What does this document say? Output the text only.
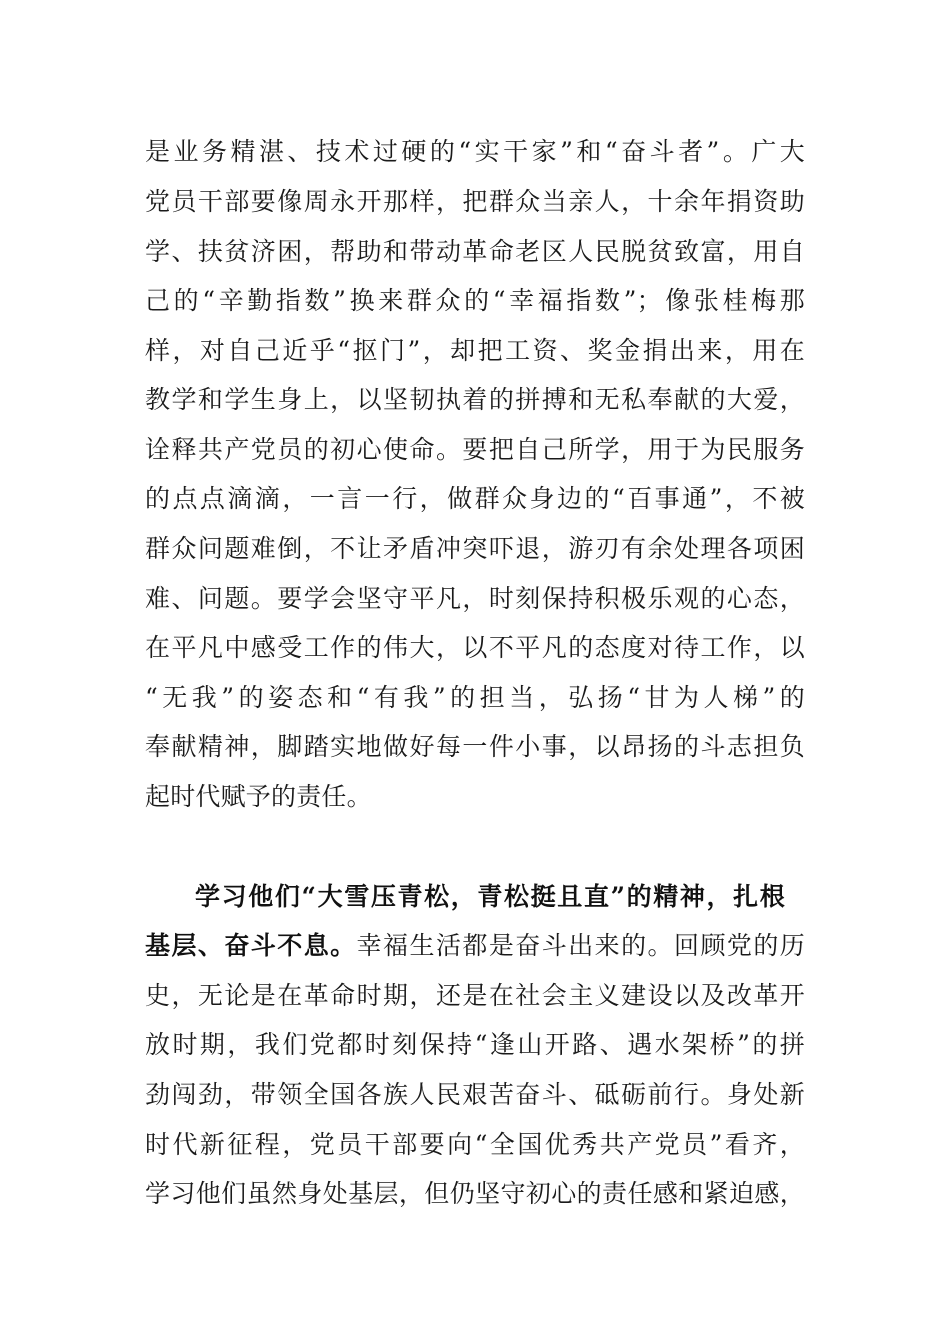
是业务精湛、技术过硬的“实干家”和“奋斗者”。广大
党员干部要像周永开那样，把群众当亲人，十余年捐资助
学、扶贫济困，帮助和带动革命老区人民脱贫致富，用自
己的“辛勤指数”换来群众的“幸福指数”；像张桂梅那
样，对自己近乎“抠门”，却把工资、奖金捐出来，用在
教学和学生身上，以坚韧执着的拼搏和无私奉献的大爱，
诠释共产党员的初心使命。要把自己所学，用于为民服务
的点点滴滴，一言一行，做群众身边的“百事通”，不被
群众问题难倒，不让矛盾冲突吓退，游刃有余处理各项困
难、问题。要学会坚守平凡，时刻保持积极乐观的心态，
在平凡中感受工作的伟大，以不平凡的态度对待工作，以
“无我”的姿态和“有我”的担当，弘扬“甘为人梯”的
奉献精神，脚踏实地做好每一件小事，以昂扬的斗志担负
起时代赋予的责任。
学习他们“大雪压青松，青松挺且直”的精神，扎根
基层、奋斗不息。幸福生活都是奋斗出来的。回顾党的历
史，无论是在革命时期，还是在社会主义建设以及改革开
放时期，我们党都时刻保持“逢山开路、遇水架桥”的拼
劲闯劲，带领全国各族人民艰苦奋斗、砥砺前行。身处新
时代新征程，党员干部要向“全国优秀共产党员”看齐，
学习他们虽然身处基层，但仍坚守初心的责任感和紧迫感，
